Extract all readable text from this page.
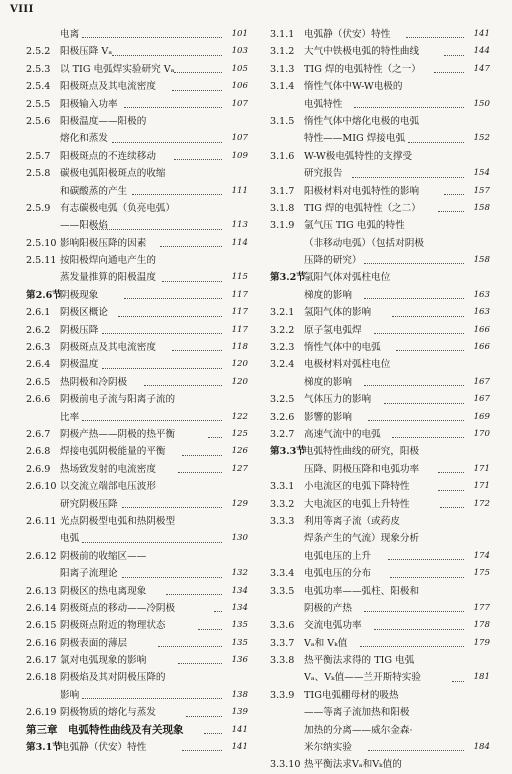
VIII
电离	101
2.5.2 阳极压降 Vₐ	103
2.5.3 以 TIG 电弧焊实验研究 Vₐ	105
2.5.4 阳极斑点及其电流密度	106
2.5.5 阳极输入功率	107
2.5.6 阳极温度——阳极的
熔化和蒸发	107
2.5.7 阳极斑点的不连续移动	109
2.5.8 碳极电弧阳极斑点的收缩
和碳酸蒸的产生	111
2.5.9 有志碳极电弧（负亮电弧）
——阳极焰	113
2.5.10 影响阳极压降的因素	114
2.5.11 按阳极焊向通电产生的
蒸发量推算的阳极温度	115
第2.6节
阴极现象	117
2.6.1 阴极区概论	117
2.6.2 阴极压降	117
2.6.3 阴极斑点及其电流密度	118
2.6.4 阴极温度	120
2.6.5 热阴极和冷阴极	120
2.6.6 阴极前电子流与阳离子流的
比率	122
2.6.7 阴极产热——阴极的热平衡	125
2.6.8 焊接电弧阴极能量的平衡	126
2.6.9 热场致发射的电流密度	127
2.6.10 以交流立端部电压波形
研究阴极压降	129
2.6.11 光点阴极型电弧和热阴极型
电弧	130
2.6.12 阴极前的收缩区——
阳离子流理论	132
2.6.13 阴极区的热电离现象	134
2.6.14 阴极斑点的移动——冷阴极	134
2.6.15 阴极斑点附近的物理状态	135
2.6.16 阴极表面的薄层	135
2.6.17 氯对电弧现象的影响	136
2.6.18 阴极焰及其对阴极压降的
影响	138
2.6.19 阴极物质的熔化与蒸发	139
第三章　电弧特性曲线及有关现象	141
第3.1节
电弧静（伏安）特性	141
3.1.1 电弧静（伏安）特性	141
3.1.2 大气中铁极电弧的特性曲线	144
3.1.3 TIG 焊的电弧特性（之一）	147
3.1.4 惰性气体中W-W电极的
电弧特性	150
3.1.5 惰性气体中熔化电极的电弧
特性——MIG 焊接电弧	152
3.1.6 W-W极电弧特性的支撑受
研究报告	154
3.1.7 阳极材料对电弧特性的影响	157
3.1.8 TIG 焊的电弧特性（之二）	158
3.1.9 氩气压 TIG 电弧的特性
（非移动电弧）（包括对阴极
压降的研究）	158
第3.2节
氩阳气体对弧柱电位
梯度的影响	163
3.2.1 氢阳气体的影响	163
3.2.2 原子氢电弧焊	166
3.2.3 惰性气体中的电弧	166
3.2.4 电极材料对弧柱电位
梯度的影响	167
3.2.5 气体压力的影响	167
3.2.6 影響的影响	169
3.2.7 高速气流中的电弧	170
第3.3节
电弧特性曲线的研究，阳极
压降、阴极压降和电弧功率	171
3.3.1 小电流区的电弧下降特性	171
3.3.2 大电流区的电弧上升特性	172
3.3.3 利用等离子流（或药皮
焊条产生的气流）现象分析
电弧电压的上升	174
3.3.4 电弧电压的分布	175
3.3.5 电弧功率——弧柱、阳极和
阴极的产热	177
3.3.6 交流电弧功率	178
3.3.7 Vₐ和 Vₖ值	179
3.3.8 热平衡法求得的 TIG 电弧
Vₐ、Vₖ值——兰开斯特实验	181
3.3.9 TIG电弧棚母材的吸热
——等离子流加热和阳极
加热的分离——威尔金森·
米尔纳实验	184
3.3.10 热平衡法求Vₐ和Vₖ值的
